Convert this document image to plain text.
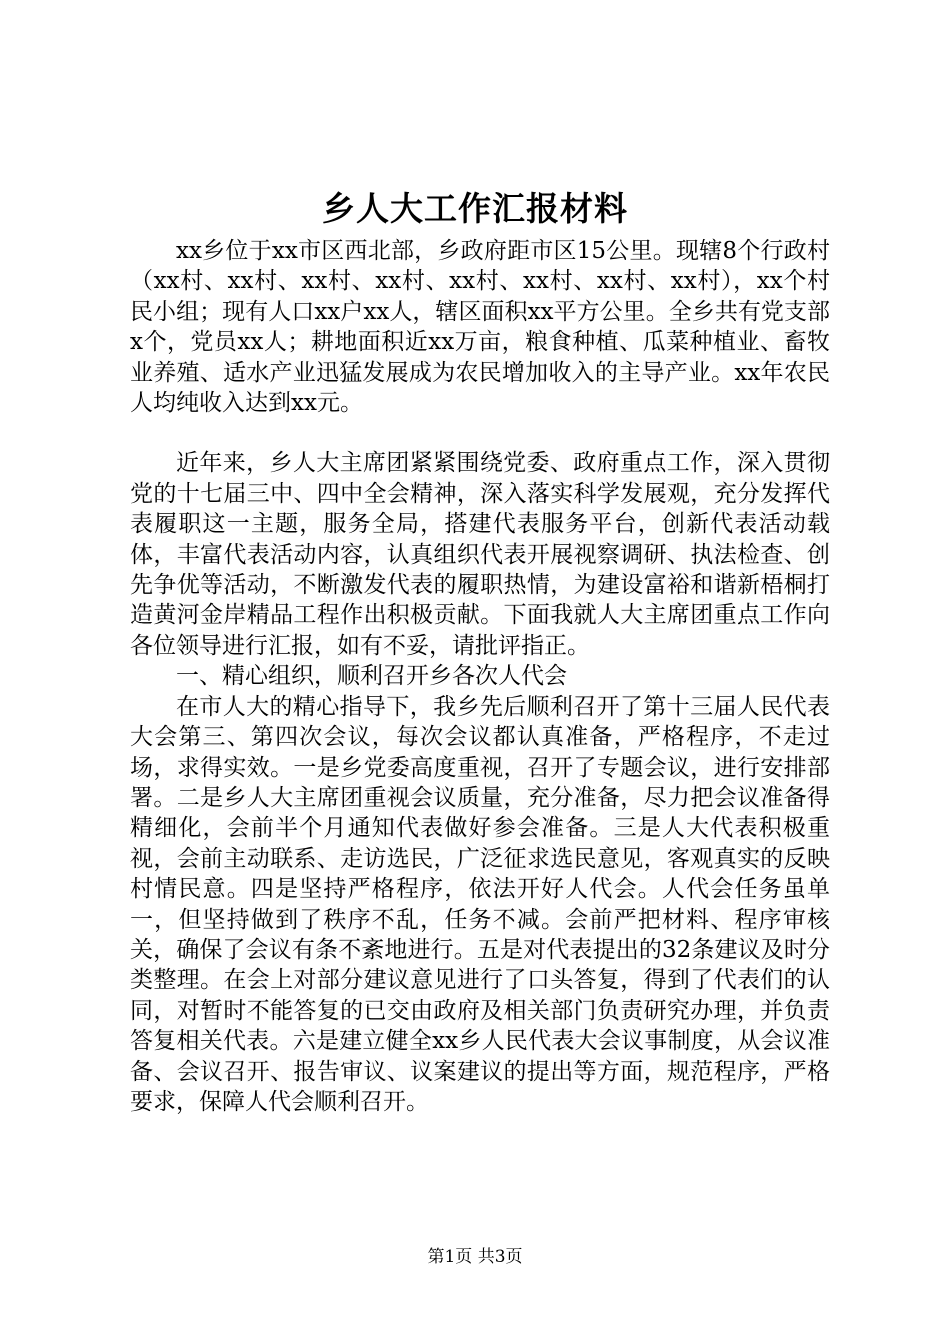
乡人大工作汇报材料

xx乡位于xx市区西北部，乡政府距市区15公里。现辖8个行政村（xx村、xx村、xx村、xx村、xx村、xx村、xx村、xx村），xx个村民小组；现有人口xx户xx人，辖区面积xx平方公里。全乡共有党支部x个，党员xx人；耕地面积近xx万亩，粮食种植、瓜菜种植业、畜牧业养殖、适水产业迅猛发展成为农民增加收入的主导产业。xx年农民人均纯收入达到xx元。

近年来，乡人大主席团紧紧围绕党委、政府重点工作，深入贯彻党的十七届三中、四中全会精神，深入落实科学发展观，充分发挥代表履职这一主题，服务全局，搭建代表服务平台，创新代表活动载体，丰富代表活动内容，认真组织代表开展视察调研、执法检查、创先争优等活动，不断激发代表的履职热情，为建设富裕和谐新梧桐打造黄河金岸精品工程作出积极贡献。下面我就人大主席团重点工作向各位领导进行汇报，如有不妥，请批评指正。

一、精心组织，顺利召开乡各次人代会

在市人大的精心指导下，我乡先后顺利召开了第十三届人民代表大会第三、第四次会议，每次会议都认真准备，严格程序，不走过场，求得实效。一是乡党委高度重视，召开了专题会议，进行安排部署。二是乡人大主席团重视会议质量，充分准备，尽力把会议准备得精细化，会前半个月通知代表做好参会准备。三是人大代表积极重视，会前主动联系、走访选民，广泛征求选民意见，客观真实的反映村情民意。四是坚持严格程序，依法开好人代会。人代会任务虽单一，但坚持做到了秩序不乱，任务不减。会前严把材料、程序审核关，确保了会议有条不紊地进行。五是对代表提出的32条建议及时分类整理。在会上对部分建议意见进行了口头答复，得到了代表们的认同，对暂时不能答复的已交由政府及相关部门负责研究办理，并负责答复相关代表。六是建立健全xx乡人民代表大会议事制度，从会议准备、会议召开、报告审议、议案建议的提出等方面，规范程序，严格要求，保障人代会顺利召开。

第1页 共3页
